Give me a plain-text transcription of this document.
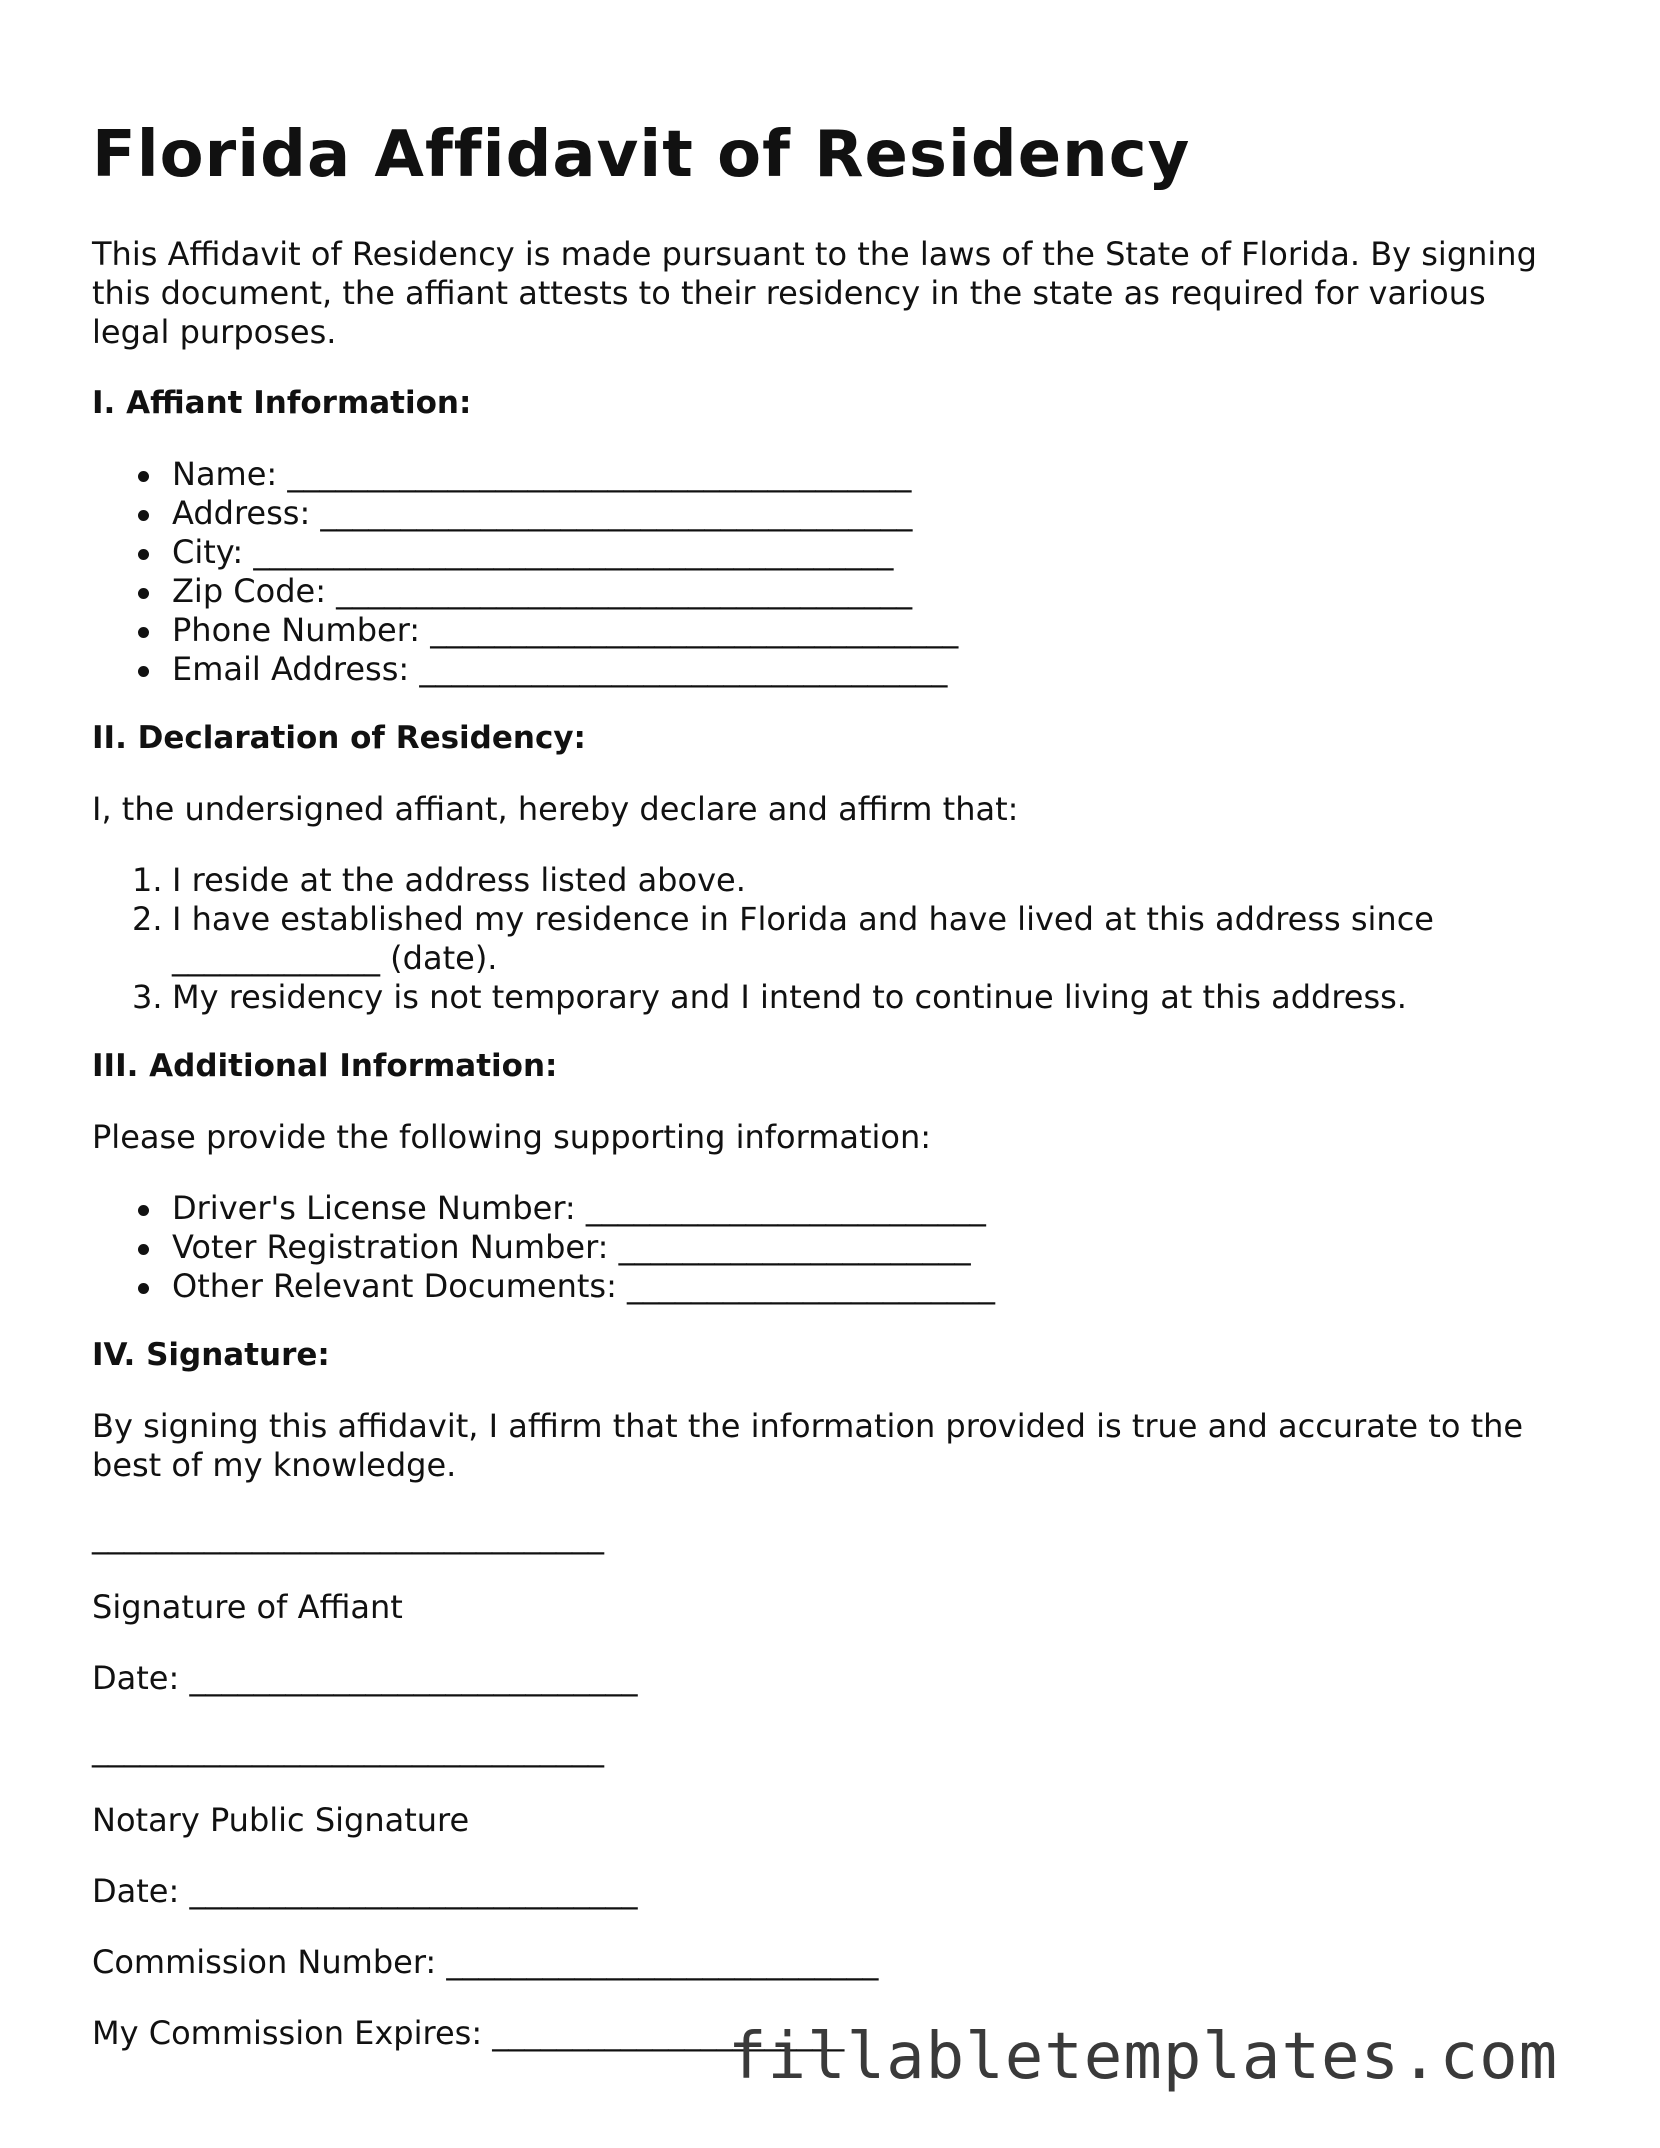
Florida Affidavit of Residency

This Affidavit of Residency is made pursuant to the laws of the State of Florida. By signing

this document, the affiant attests to their residency in the state as required for various

legal purposes.

I. Affiant Information:
Name: _______________________________________
Address: _____________________________________
City: ________________________________________
Zip Code: ____________________________________
Phone Number: _________________________________
Email Address: _________________________________
II. Declaration of Residency:

I, the undersigned affiant, hereby declare and affirm that:

1. I reside at the address listed above.
2. I have established my residence in Florida and have lived at this address since
_____________ (date).
3. My residency is not temporary and I intend to continue living at this address.
III. Additional Information:

Please provide the following supporting information:

Driver's License Number: _________________________
Voter Registration Number: ______________________
Other Relevant Documents: _______________________
IV. Signature:

By signing this affidavit, I affirm that the information provided is true and accurate to the

best of my knowledge.

________________________________

Signature of Affiant

Date: ____________________________

________________________________

Notary Public Signature

Date: ____________________________

Commission Number: ___________________________

My Commission Expires: ______________________

fillabletemplates.com
